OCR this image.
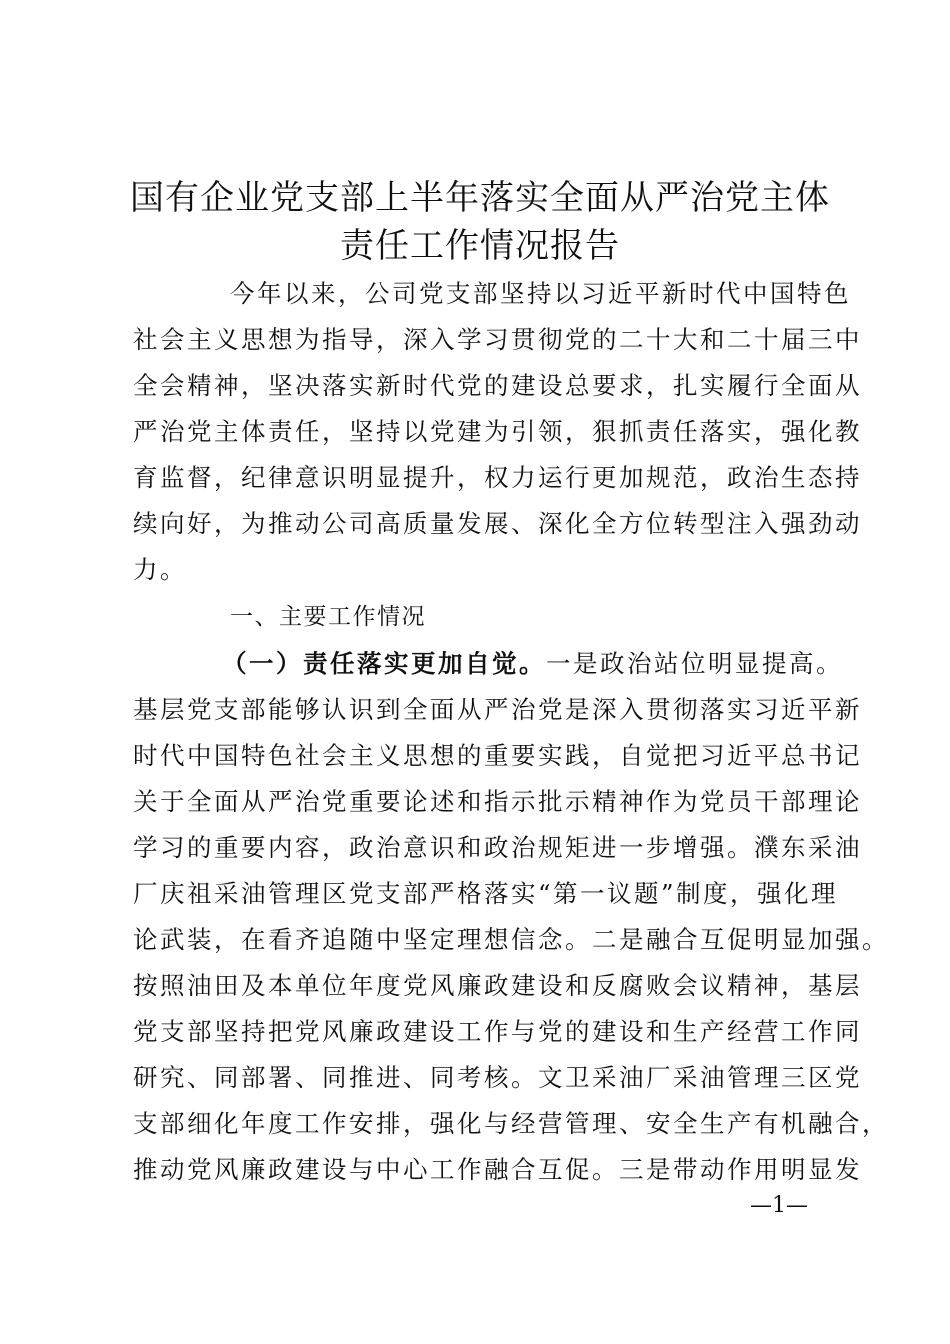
国有企业党支部上半年落实全面从严治党主体
责任工作情况报告
今年以来，公司党支部坚持以习近平新时代中国特色
社会主义思想为指导，深入学习贯彻党的二十大和二十届三中
全会精神，坚决落实新时代党的建设总要求，扎实履行全面从
严治党主体责任，坚持以党建为引领，狠抓责任落实，强化教
育监督，纪律意识明显提升，权力运行更加规范，政治生态持
续向好，为推动公司高质量发展、深化全方位转型注入强劲动
力。
一、主要工作情况
（一）责任落实更加自觉。一是政治站位明显提高。
基层党支部能够认识到全面从严治党是深入贯彻落实习近平新
时代中国特色社会主义思想的重要实践，自觉把习近平总书记
关于全面从严治党重要论述和指示批示精神作为党员干部理论
学习的重要内容，政治意识和政治规矩进一步增强。濮东采油
厂庆祖采油管理区党支部严格落实“第一议题”制度，强化理
论武装，在看齐追随中坚定理想信念。二是融合互促明显加强。
按照油田及本单位年度党风廉政建设和反腐败会议精神，基层
党支部坚持把党风廉政建设工作与党的建设和生产经营工作同
研究、同部署、同推进、同考核。文卫采油厂采油管理三区党
支部细化年度工作安排，强化与经营管理、安全生产有机融合，
推动党风廉政建设与中心工作融合互促。三是带动作用明显发
—1—
